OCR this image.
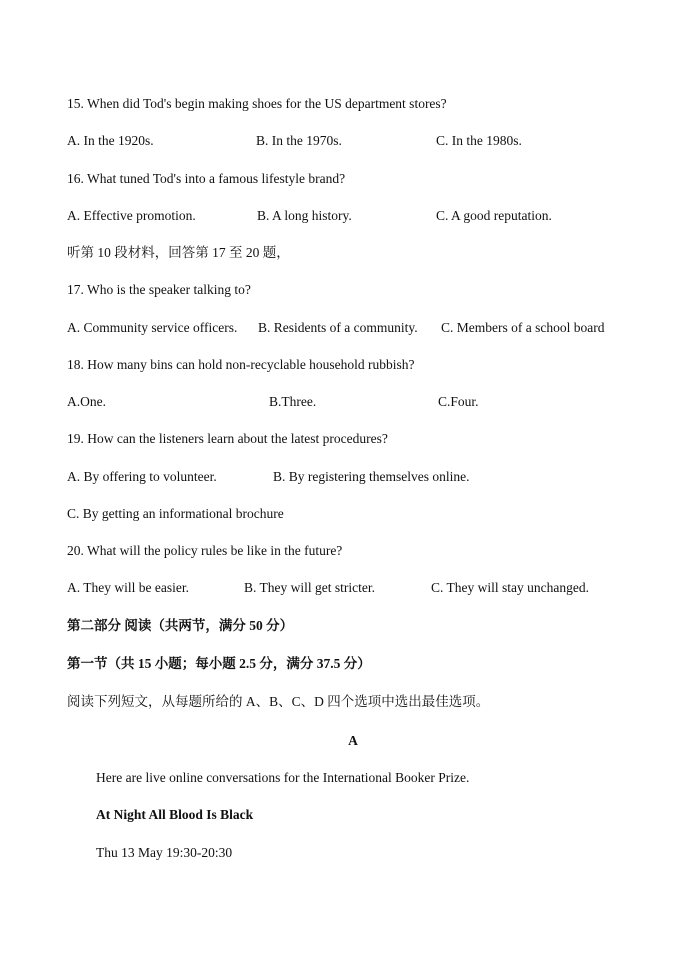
15. When did Tod's begin making shoes for the US department stores?
A. In the 1920s.	B. In the 1970s.	C. In the 1980s.
16. What tuned Tod's into a famous lifestyle brand?
A. Effective promotion.	B. A long history.	C. A good reputation.
听第 10 段材料，回答第 17 至 20 题，
17. Who is the speaker talking to?
A. Community service officers. B. Residents of a community. C. Members of a school board
18. How many bins can hold non-recyclable household rubbish?
A.One.	B.Three.	C.Four.
19. How can the listeners learn about the latest procedures?
A. By offering to volunteer.	B. By registering themselves online.
C. By getting an informational brochure
20. What will the policy rules be like in the future?
A. They will be easier.	B. They will get stricter.	C. They will stay unchanged.
第二部分 阅读（共两节，满分 50 分）
第一节（共 15 小题；每小题 2.5 分，满分 37.5 分）
阅读下列短文，从每题所给的 A、B、C、D 四个选项中选出最佳选项。
A
Here are live online conversations for the International Booker Prize.
At Night All Blood Is Black
Thu 13 May 19:30-20:30
